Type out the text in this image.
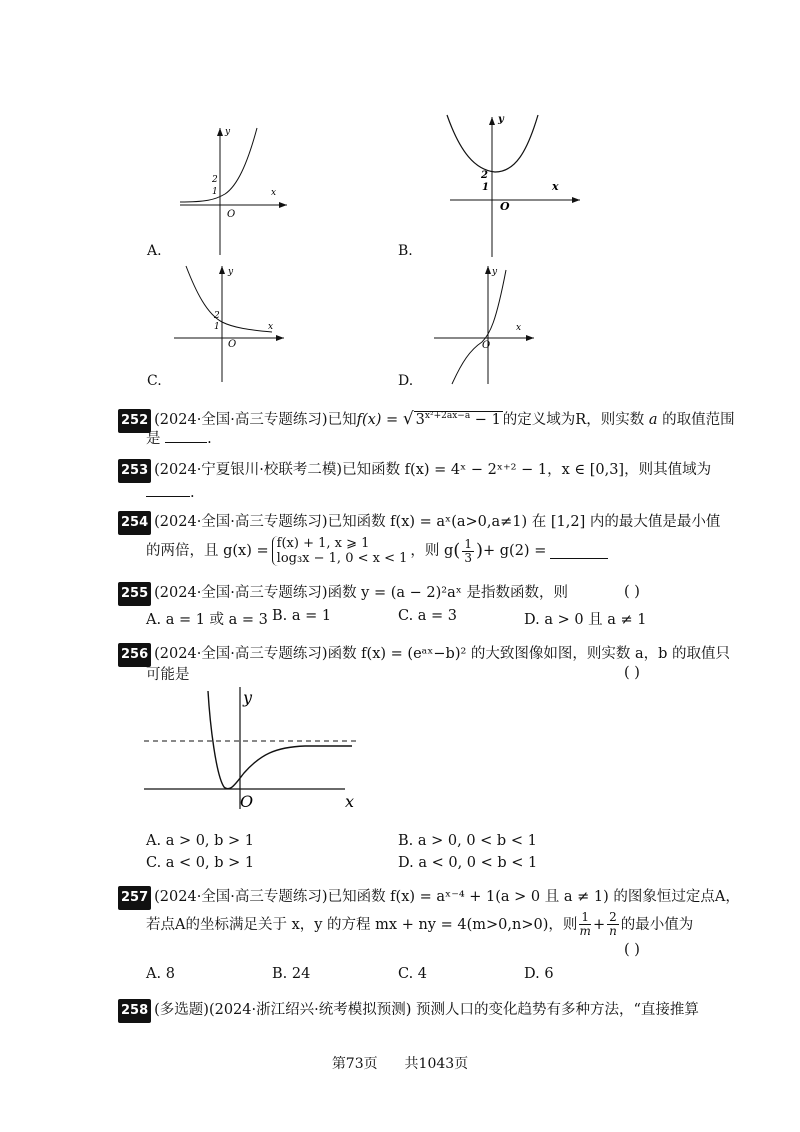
2
1	x
y
O
A.
2
1	x
y
O
B.
2
1	x
y
O
C.
x
y
O
D.
252 (2024·全国·高三专题练习)已知f(x) = √ $3^{x^2+2ax-a} - 1$ 的定义域为R，则实数 a 的取值范围
是	.
253 (2024·宁夏银川·校联考二模)已知函数 f(x) = 4ˣ − 2ˣ⁺² − 1，x ∈ [0,3]，则其值域为
.
254 (2024·全国·高三专题练习)已知函数 f(x) = aˣ(a>0,a≠1) 在 [1,2] 内的最大值是最小值
的两倍，且 g(x) = f(x) + 1, x ⩾ 1
log₃x − 1, 0 < x < 1 ，则 g ( $\frac{1}{3}$ ) + g(2) =
255 (2024·全国·高三专题练习)函数 y = (a − 2)²aˣ 是指数函数，则	( )
A. a = 1 或 a = 3 B. a = 1	C. a = 3	D. a > 0 且 a ≠ 1
256 (2024·全国·高三专题练习)函数 f(x) = (eᵃˣ−b)² 的大致图像如图，则实数 a，b 的取值只
可能是	( )
y
O	x
A. a > 0, b > 1	B. a > 0, 0 < b < 1
C. a < 0, b > 1	D. a < 0, 0 < b < 1
257 (2024·全国·高三专题练习)已知函数 f(x) = aˣ⁻⁴ + 1(a > 0 且 a ≠ 1) 的图象恒过定点A，
若点A的坐标满足关于 x，y 的方程 mx + ny = 4(m>0,n>0)，则 $\frac{1}{m} + \frac{2}{n}$ 的最小值为
( )
A. 8	B. 24	C. 4	D. 6
258 (多选题)(2024·浙江绍兴·统考模拟预测) 预测人口的变化趋势有多种方法，“直接推算
第73页 共1043页
